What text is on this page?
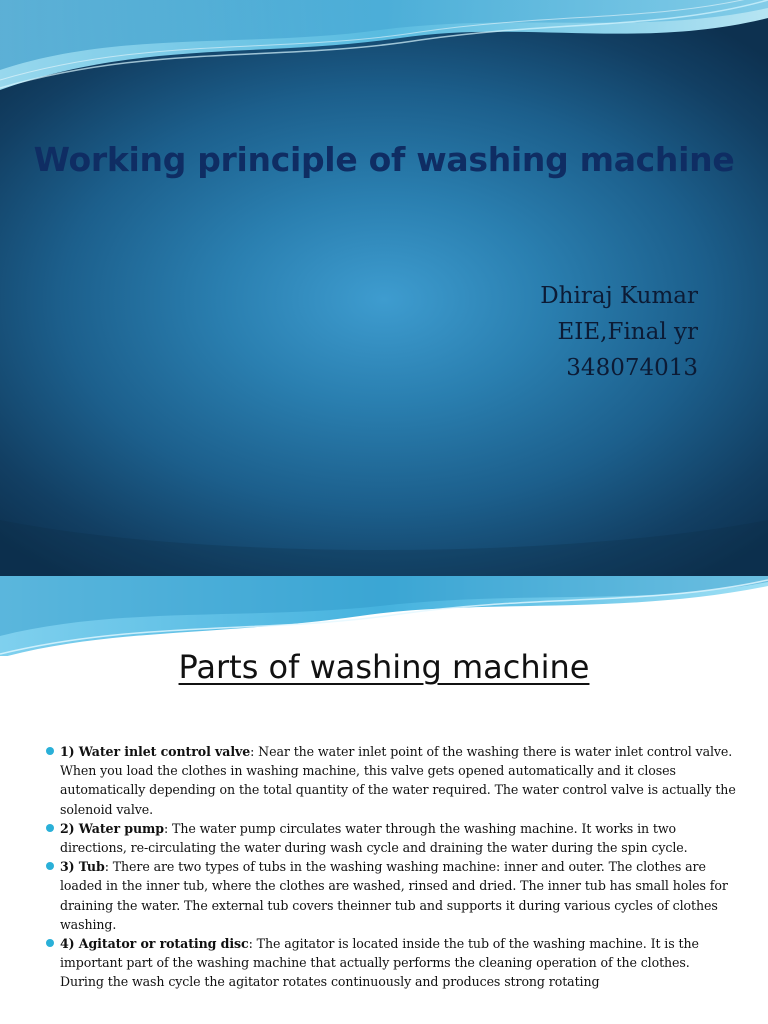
Working principle of washing machine
Dhiraj Kumar
EIE,Final yr
348074013
Parts of washing machine
1) Water inlet control valve: Near the water inlet point of the washing there is water inlet control valve. When you load the clothes in washing machine, this valve gets opened automatically and it closes automatically depending on the total quantity of the water required. The water control valve is actually the solenoid valve.
2) Water pump: The water pump circulates water through the washing machine. It works in two directions, re-circulating the water during wash cycle and draining the water during the spin cycle.
3) Tub: There are two types of tubs in the washing washing machine: inner and outer. The clothes are loaded in the inner tub, where the clothes are washed, rinsed and dried. The inner tub has small holes for draining the water. The external tub covers theinner tub and supports it during various cycles of clothes washing.
4) Agitator or rotating disc: The agitator is located inside the tub of the washing machine. It is the important part of the washing machine that actually performs the cleaning operation of the clothes. During the wash cycle the agitator rotates continuously and produces strong rotating
